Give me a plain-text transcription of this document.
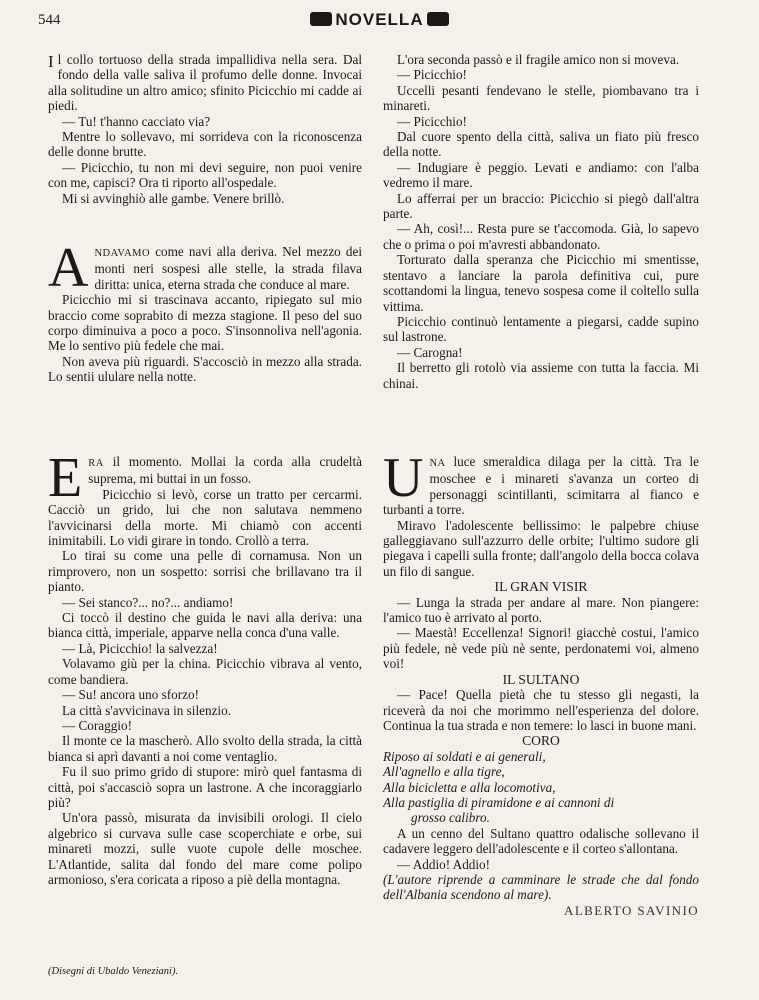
544	NOVELLA

I l collo tortuoso della strada impallidiva nella sera. Dal fondo della valle saliva il profumo delle donne. Invocai alla solitudine un altro amico; sfinito Picicchio mi cadde ai piedi.

— Tu! t'hanno cacciato via?

Mentre lo sollevavo, mi sorrideva con la riconoscenza delle donne brutte.

— Picicchio, tu non mi devi seguire, non puoi venire con me, capisci? Ora ti riporto all'ospedale.

Mi si avvinghiò alle gambe. Venere brillò.

ANDAVAMO come navi alla deriva. Nel mezzo dei monti neri sospesi alle stelle, la strada filava diritta: unica, eterna strada che conduce al mare.

Picicchio mi si trascinava accanto, ripiegato sul mio braccio come soprabito di mezza stagione. Il peso del suo corpo diminuiva a poco a poco. S'insonnoliva nell'agonia. Me lo sentivo più fedele che mai.

Non aveva più riguardi. S'accosciò in mezzo alla strada. Lo sentii ululare nella notte.

ERA il momento. Mollai la corda alla crudeltà suprema, mi buttai in un fosso.

Picicchio si levò, corse un tratto per cercarmi. Cacciò un grido, lui che non salutava nemmeno l'avvicinarsi della morte. Mi chiamò con accenti inimitabili. Lo vidi girare in tondo. Crollò a terra.

Lo tirai su come una pelle di cornamusa. Non un rimprovero, non un sospetto: sorrisi che brillavano tra il pianto.

— Sei stanco?... no?... andiamo!

Ci toccò il destino che guida le navi alla deriva: una bianca città, imperiale, apparve nella conca d'una valle.

— Là, Picicchio! la salvezza!

Volavamo giù per la china. Picicchio vibrava al vento, come bandiera.

— Su! ancora uno sforzo!

La città s'avvicinava in silenzio.

— Coraggio!

Il monte ce la mascherò. Allo svolto della strada, la città bianca si aprì davanti a noi come ventaglio.

Fu il suo primo grido di stupore: mirò quel fantasma di città, poi s'accasciò sopra un lastrone. A che incoraggiarlo più?

Un'ora passò, misurata da invisibili orologi. Il cielo algebrico si curvava sulle case scoperchiate e orbe, sui minareti mozzi, sulle vuote cupole delle moschee. L'Atlantide, salita dal fondo del mare come polipo armonioso, s'era coricata a riposo a piè della montagna.

(Disegni di Ubaldo Veneziani).

L'ora seconda passò e il fragile amico non si moveva.

— Picicchio!

Uccelli pesanti fendevano le stelle, piombavano tra i minareti.

— Picicchio!

Dal cuore spento della città, saliva un fiato più fresco della notte.

— Indugiare è peggio. Levati e andiamo: con l'alba vedremo il mare.

Lo afferrai per un braccio: Picicchio si piegò dall'altra parte.

— Ah, così!... Resta pure se t'accomoda. Già, lo sapevo che o prima o poi m'avresti abbandonato.

Torturato dalla speranza che Picicchio mi smentisse, stentavo a lanciare la parola definitiva cui, pure scottandomi la lingua, tenevo sospesa come il coltello sulla vittima.

Picicchio continuò lentamente a piegarsi, cadde supino sul lastrone.

— Carogna!

Il berretto gli rotolò via assieme con tutta la faccia. Mi chinai.

UNA luce smeraldica dilaga per la città. Tra le moschee e i minareti s'avanza un corteo di personaggi scintillanti, scimitarra al fianco e turbanti a torre.

Miravo l'adolescente bellissimo: le palpebre chiuse galleggiavano sull'azzurro delle orbite; l'ultimo sudore gli piegava i capelli sulla fronte; dall'angolo della bocca colava un filo di sangue.

IL GRAN VISIR

— Lunga la strada per andare al mare. Non piangere: l'amico tuo è arrivato al porto.

— Maestà! Eccellenza! Signori! giacchè costui, l'amico più fedele, nè vede più nè sente, perdonatemi voi, almeno voi!

IL SULTANO

— Pace! Quella pietà che tu stesso gli negasti, la riceverà da noi che morimmo nell'esperienza del dolore. Continua la tua strada e non temere: lo lasci in buone mani.

CORO

Riposo ai soldati e ai generali,

All'agnello e alla tigre,

Alla bicicletta e alla locomotiva,

Alla pastiglia di piramidone e ai cannoni di

grosso calibro.

A un cenno del Sultano quattro odalische sollevano il cadavere leggero dell'adolescente e il corteo s'allontana.

— Addio! Addio!

(L'autore riprende a camminare le strade che dal fondo dell'Albania scendono al mare).

ALBERTO SAVINIO
